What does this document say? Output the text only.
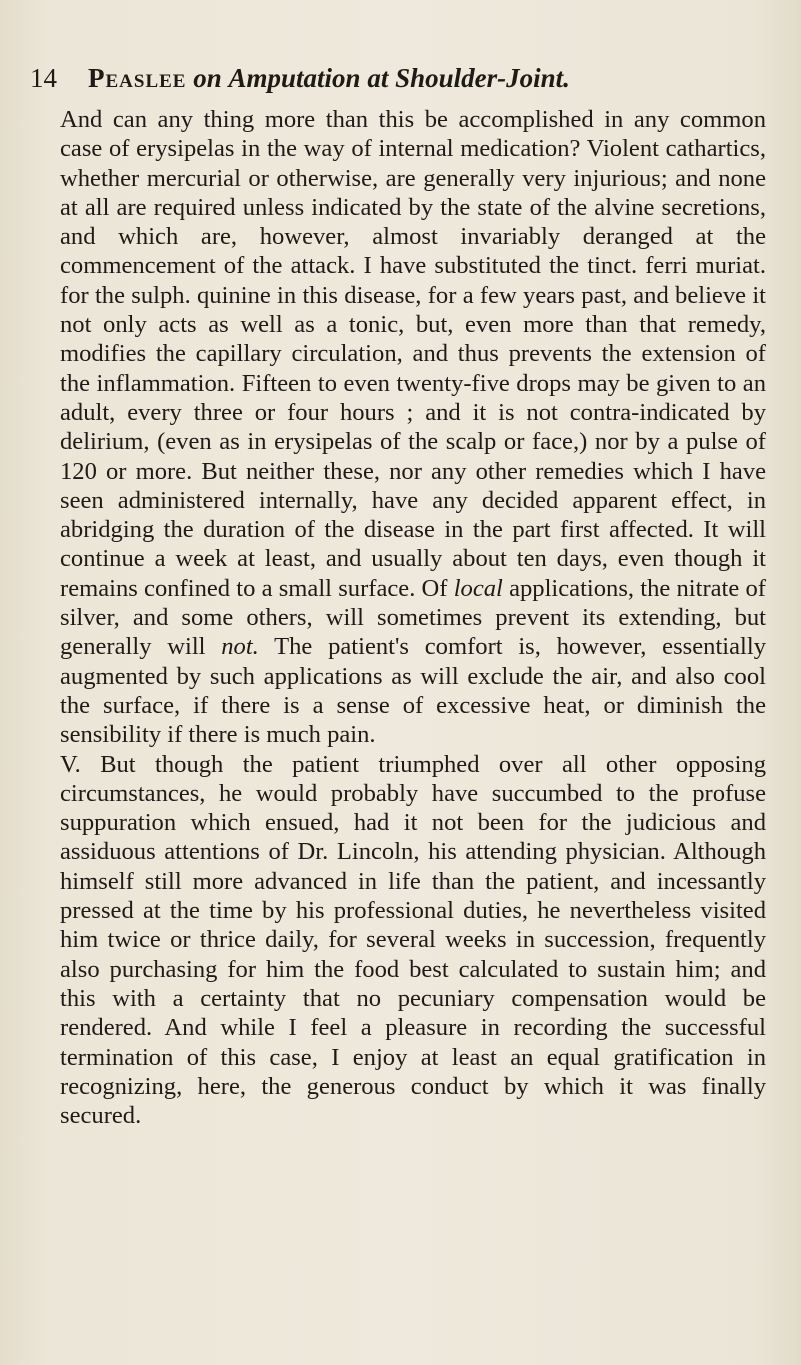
14 Peaslee on Amputation at Shoulder-Joint.

And can any thing more than this be accomplished in any common case of erysipelas in the way of internal medication? Violent cathartics, whether mercurial or otherwise, are generally very injurious; and none at all are required unless indicated by the state of the alvine secretions, and which are, however, almost invariably deranged at the commencement of the attack. I have substituted the tinct. ferri muriat. for the sulph. quinine in this disease, for a few years past, and believe it not only acts as well as a tonic, but, even more than that remedy, modifies the capillary circulation, and thus prevents the extension of the inflammation. Fifteen to even twenty-five drops may be given to an adult, every three or four hours ; and it is not contra-indicated by delirium, (even as in erysipelas of the scalp or face,) nor by a pulse of 120 or more. But neither these, nor any other remedies which I have seen administered internally, have any decided apparent effect, in abridging the duration of the disease in the part first affected. It will continue a week at least, and usually about ten days, even though it remains confined to a small surface. Of local applications, the nitrate of silver, and some others, will sometimes prevent its extending, but generally will not. The patient's comfort is, however, essentially augmented by such applications as will exclude the air, and also cool the surface, if there is a sense of excessive heat, or diminish the sensibility if there is much pain.

V. But though the patient triumphed over all other opposing circumstances, he would probably have succumbed to the profuse suppuration which ensued, had it not been for the judicious and assiduous attentions of Dr. Lincoln, his attending physician. Although himself still more advanced in life than the patient, and incessantly pressed at the time by his professional duties, he nevertheless visited him twice or thrice daily, for several weeks in succession, frequently also purchasing for him the food best calculated to sustain him; and this with a certainty that no pecuniary compensation would be rendered. And while I feel a pleasure in recording the successful termination of this case, I enjoy at least an equal gratification in recognizing, here, the generous conduct by which it was finally secured.
